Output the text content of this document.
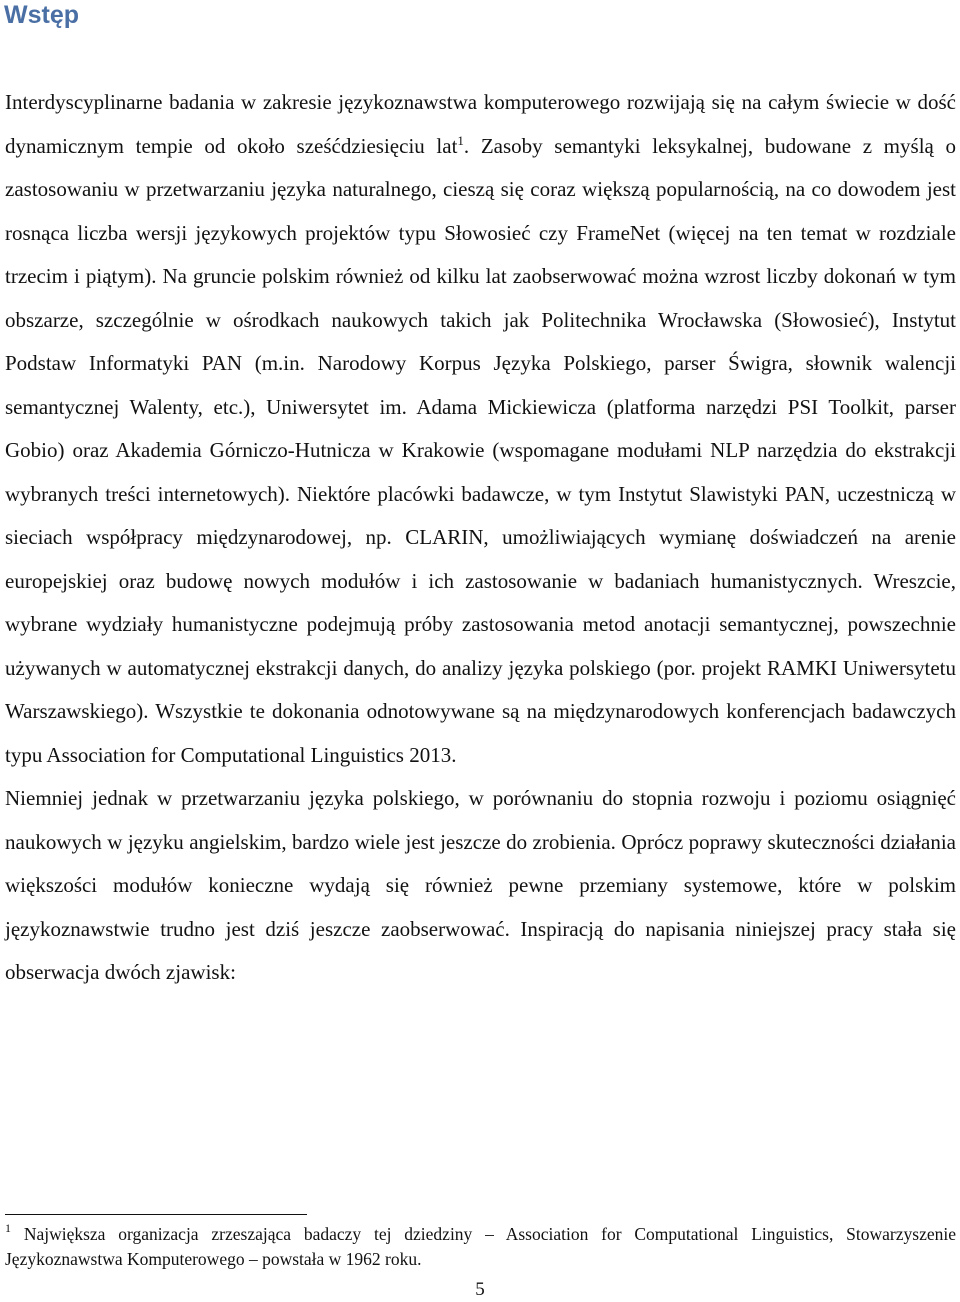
Wstęp

Interdyscyplinarne badania w zakresie językoznawstwa komputerowego rozwijają się na całym świecie w dość dynamicznym tempie od około sześćdziesięciu lat$^1$. Zasoby semantyki leksykalnej, budowane z myślą o zastosowaniu w przetwarzaniu języka naturalnego, cieszą się coraz większą popularnością, na co dowodem jest rosnąca liczba wersji językowych projektów typu Słowosieć czy FrameNet (więcej na ten temat w rozdziale trzecim i piątym). Na gruncie polskim również od kilku lat zaobserwować można wzrost liczby dokonań w tym obszarze, szczególnie w ośrodkach naukowych takich jak Politechnika Wrocławska (Słowosieć), Instytut Podstaw Informatyki PAN (m.in. Narodowy Korpus Języka Polskiego, parser Świgra, słownik walencji semantycznej Walenty, etc.), Uniwersytet im. Adama Mickiewicza (platforma narzędzi PSI Toolkit, parser Gobio) oraz Akademia Górniczo-Hutnicza w Krakowie (wspomagane modułami NLP narzędzia do ekstrakcji wybranych treści internetowych). Niektóre placówki badawcze, w tym Instytut Slawistyki PAN, uczestniczą w sieciach współpracy międzynarodowej, np. CLARIN, umożliwiających wymianę doświadczeń na arenie europejskiej oraz budowę nowych modułów i ich zastosowanie w badaniach humanistycznych. Wreszcie, wybrane wydziały humanistyczne podejmują próby zastosowania metod anotacji semantycznej, powszechnie używanych w automatycznej ekstrakcji danych, do analizy języka polskiego (por. projekt RAMKI Uniwersytetu Warszawskiego). Wszystkie te dokonania odnotowywane są na międzynarodowych konferencjach badawczych typu Association for Computational Linguistics 2013.

Niemniej jednak w przetwarzaniu języka polskiego, w porównaniu do stopnia rozwoju i poziomu osiągnięć naukowych w języku angielskim, bardzo wiele jest jeszcze do zrobienia. Oprócz poprawy skuteczności działania większości modułów konieczne wydają się również pewne przemiany systemowe, które w polskim językoznawstwie trudno jest dziś jeszcze zaobserwować. Inspiracją do napisania niniejszej pracy stała się obserwacja dwóch zjawisk:

$^1$ Największa organizacja zrzeszająca badaczy tej dziedziny – Association for Computational Linguistics, Stowarzyszenie Językoznawstwa Komputerowego – powstała w 1962 roku.

5
